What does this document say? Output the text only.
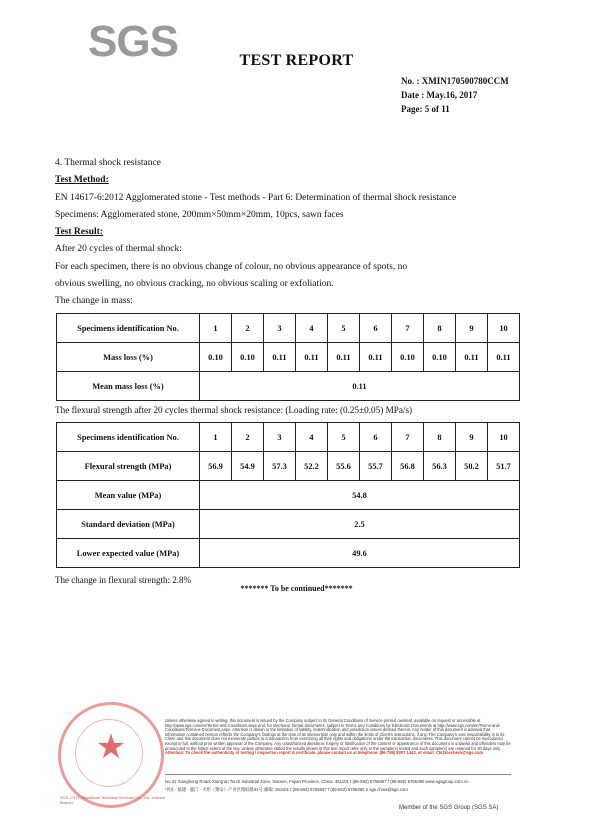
SGS	TEST REPORT
No. : XMIN170500780CCM
Date : May.16, 2017
Page: 5 of 11
4. Thermal shock resistance
Test Method:
EN 14617-6:2012 Agglomerated stone - Test methods - Part 6: Determination of thermal shock resistance
Specimens: Agglomerated stone, 200mm×50mm×20mm, 10pcs, sawn faces
Test Result:
After 20 cycles of thermal shock:
For each specimen, there is no obvious change of colour, no obvious appearance of spots, no
obvious swelling, no obvious cracking, no obvious scaling or exfoliation.
The change in mass:
Specimens identification No.	1	2	3	4	5	6	7	8	9	10
Mass loss (%)	0.10	0.10	0.11	0.11	0.11	0.11	0.10	0.10	0.11	0.11
Mean mass loss (%)	0.11									
The flexural strength after 20 cycles thermal shock resistance: (Loading rate: (0.25±0.05) MPa/s)
Specimens identification No.	1	2	3	4	5	6	7	8	9	10
Flexural strength (MPa)	56.9	54.9	57.3	52.2	55.6	55.7	56.8	56.3	50.2	51.7
Mean value (MPa)	54.8									
Standard deviation (MPa)	2.5									
Lower expected value (MPa)	49.6									
The change in flexural strength: 2.8%
******* To be continued*******
★
SGS-CSTC Standards Technical Services Co., Ltd. Xiamen Branch
Unless otherwise agreed in writing, this document is issued by the Company subject to its General Conditions of Service printed overleaf, available on request or accessible at http://www.sgs.com/en/Terms-and-Conditions.aspx and, for electronic format documents, subject to Terms and Conditions for Electronic Documents at http://www.sgs.com/en/Terms-and-Conditions/Terms-e-Document.aspx. Attention is drawn to the limitation of liability, indemnification and jurisdiction issues defined therein. Any holder of this document is advised that information contained hereon reflects the Company's findings at the time of its intervention only and within the limits of Client's instructions, if any. The Company's sole responsibility is to its Client and this document does not exonerate parties to a transaction from exercising all their rights and obligations under the transaction documents. This document cannot be reproduced except in full, without prior written approval of the Company. Any unauthorized alteration, forgery or falsification of the content or appearance of this document is unlawful and offenders may be prosecuted to the fullest extent of the law. Unless otherwise stated the results shown in this test report refer only to the sample(s) tested and such sample(s) are retained for 30 days only. Attention: To check the authenticity of testing / inspection report & certificate, please contact us at telephone: (86-755) 8307 1443, or email: CN.Doccheck@sgs.com
No.31 Xianghong Road, Xiang'an Torch Industrial Zone, Xiamen, Fujian Province, China. 361101 t (86-592) 5765657 f (86-592) 5765380 www.sgsgroup.com.cn
中国 · 福建 · 厦门 · 火炬（翔安）产业区翔虹路31号 邮编: 361101 t (86-592) 5765657 f (86-592) 5765380 e sgs.china@sgs.com
Member of the SGS Group (SGS SA)
